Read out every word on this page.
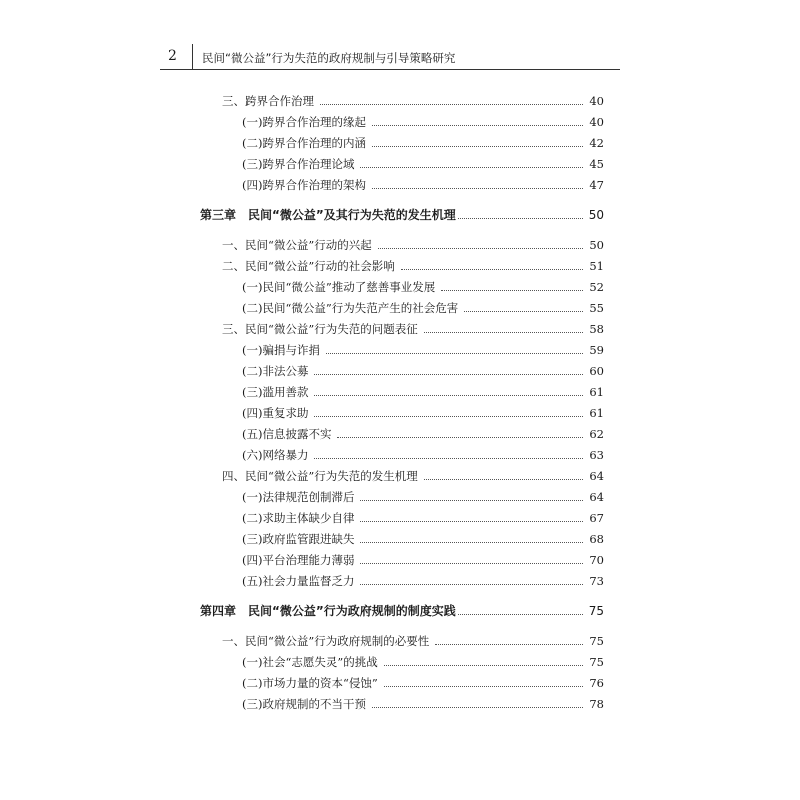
2 民间“微公益”行为失范的政府规制与引导策略研究
三、跨界合作治理	40
(一)跨界合作治理的缘起	40
(二)跨界合作治理的内涵	42
(三)跨界合作治理论域	45
(四)跨界合作治理的架构	47
第三章　民间“微公益”及其行为失范的发生机理	50
一、民间“微公益”行动的兴起	50
二、民间“微公益”行动的社会影响	51
(一)民间“微公益”推动了慈善事业发展	52
(二)民间“微公益”行为失范产生的社会危害	55
三、民间“微公益”行为失范的问题表征	58
(一)骗捐与诈捐	59
(二)非法公募	60
(三)滥用善款	61
(四)重复求助	61
(五)信息披露不实	62
(六)网络暴力	63
四、民间“微公益”行为失范的发生机理	64
(一)法律规范创制滞后	64
(二)求助主体缺少自律	67
(三)政府监管跟进缺失	68
(四)平台治理能力薄弱	70
(五)社会力量监督乏力	73
第四章　民间“微公益”行为政府规制的制度实践	75
一、民间“微公益”行为政府规制的必要性	75
(一)社会“志愿失灵”的挑战	75
(二)市场力量的资本“侵蚀”	76
(三)政府规制的不当干预	78
